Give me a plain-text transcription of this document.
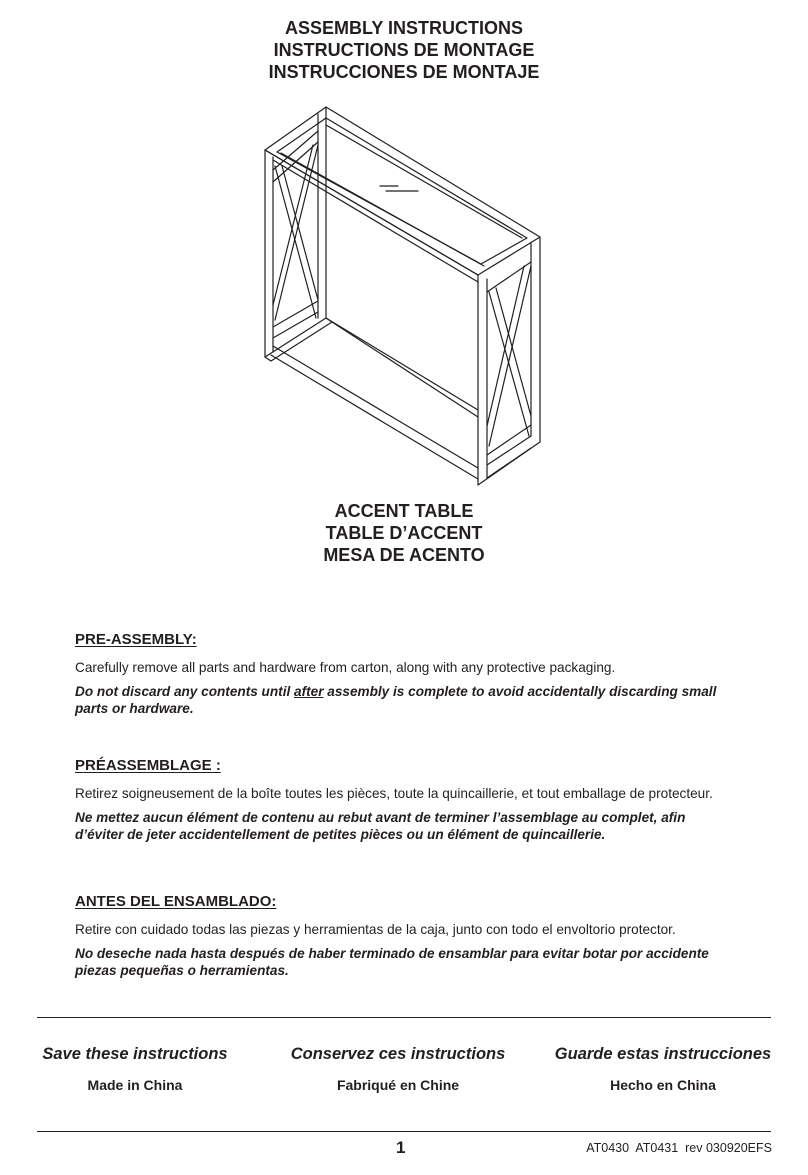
ASSEMBLY INSTRUCTIONS
INSTRUCTIONS DE MONTAGE
INSTRUCCIONES DE MONTAJE
ACCENT TABLE
TABLE D’ACCENT
MESA DE ACENTO
PRE-ASSEMBLY:
Carefully remove all parts and hardware from carton, along with any protective packaging.
Do not discard any contents until after assembly is complete to avoid accidentally discarding small parts or hardware.
PRÉASSEMBLAGE :
Retirez soigneusement de la boîte toutes les pièces, toute la quincaillerie, et tout emballage de protecteur.
Ne mettez aucun élément de contenu au rebut avant de terminer l’assemblage au complet, afin d’éviter de jeter accidentellement de petites pièces ou un élément de quincaillerie.
ANTES DEL ENSAMBLADO:
Retire con cuidado todas las piezas y herramientas de la caja, junto con todo el envoltorio protector.
No deseche nada hasta después de haber terminado de ensamblar para evitar botar por accidente piezas pequeñas o herramientas.
Save these instructions
Made in China
Conservez ces instructions
Fabriqué en Chine
Guarde estas instrucciones
Hecho en China
1	AT0430  AT0431  rev 030920EFS
